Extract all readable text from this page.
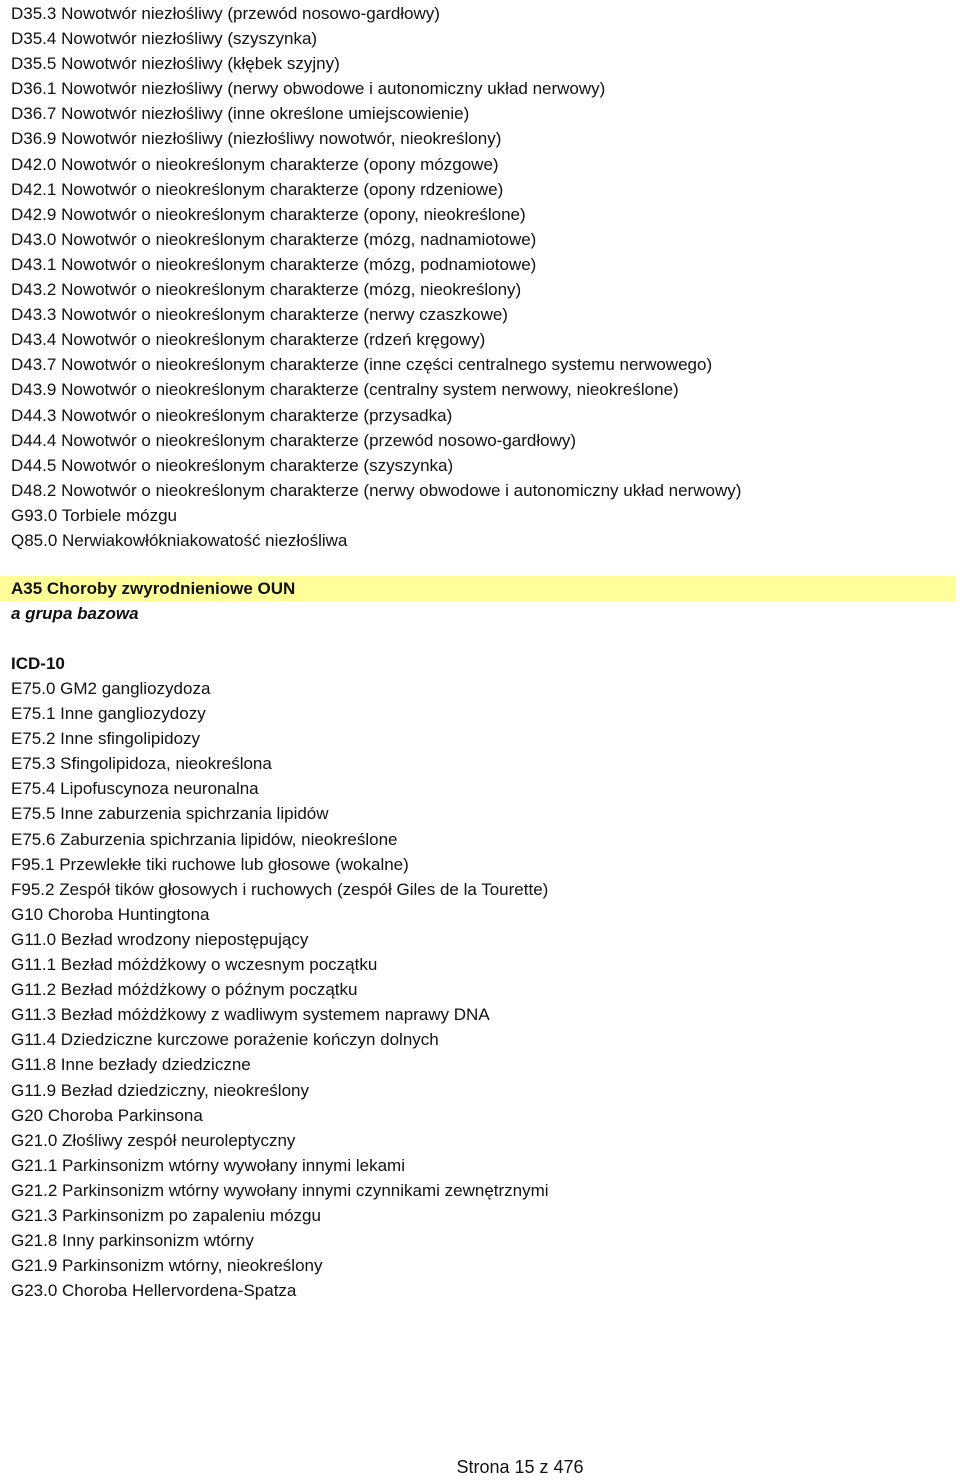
D35.3 Nowotwór niezłośliwy (przewód nosowo-gardłowy)
D35.4 Nowotwór niezłośliwy (szyszynka)
D35.5 Nowotwór niezłośliwy (kłębek szyjny)
D36.1 Nowotwór niezłośliwy (nerwy obwodowe i autonomiczny układ nerwowy)
D36.7 Nowotwór niezłośliwy (inne określone umiejscowienie)
D36.9 Nowotwór niezłośliwy (niezłośliwy nowotwór, nieokreślony)
D42.0 Nowotwór o nieokreślonym charakterze (opony mózgowe)
D42.1 Nowotwór o nieokreślonym charakterze (opony rdzeniowe)
D42.9 Nowotwór o nieokreślonym charakterze (opony, nieokreślone)
D43.0 Nowotwór o nieokreślonym charakterze (mózg, nadnamiotowe)
D43.1 Nowotwór o nieokreślonym charakterze (mózg, podnamiotowe)
D43.2 Nowotwór o nieokreślonym charakterze (mózg, nieokreślony)
D43.3 Nowotwór o nieokreślonym charakterze (nerwy czaszkowe)
D43.4 Nowotwór o nieokreślonym charakterze (rdzeń kręgowy)
D43.7 Nowotwór o nieokreślonym charakterze (inne części centralnego systemu nerwowego)
D43.9 Nowotwór o nieokreślonym charakterze (centralny system nerwowy, nieokreślone)
D44.3 Nowotwór o nieokreślonym charakterze (przysadka)
D44.4 Nowotwór o nieokreślonym charakterze (przewód nosowo-gardłowy)
D44.5 Nowotwór o nieokreślonym charakterze (szyszynka)
D48.2 Nowotwór o nieokreślonym charakterze (nerwy obwodowe i autonomiczny układ nerwowy)
G93.0 Torbiele mózgu
Q85.0 Nerwiakowłókniakowatość niezłośliwa
A35 Choroby zwyrodnieniowe OUN
a grupa bazowa
ICD-10
E75.0 GM2 gangliozydoza
E75.1 Inne gangliozydozy
E75.2 Inne sfingolipidozy
E75.3 Sfingolipidoza, nieokreślona
E75.4 Lipofuscynoza neuronalna
E75.5 Inne zaburzenia spichrzania lipidów
E75.6 Zaburzenia spichrzania lipidów, nieokreślone
F95.1 Przewlekłe tiki ruchowe lub głosowe (wokalne)
F95.2 Zespół tików głosowych i ruchowych (zespół Giles de la Tourette)
G10 Choroba Huntingtona
G11.0 Bezład wrodzony niepostępujący
G11.1 Bezład móżdżkowy o wczesnym początku
G11.2 Bezład móżdżkowy o późnym początku
G11.3 Bezład móżdżkowy z wadliwym systemem naprawy DNA
G11.4 Dziedziczne kurczowe porażenie kończyn dolnych
G11.8 Inne bezłady dziedziczne
G11.9 Bezład dziedziczny, nieokreślony
G20 Choroba Parkinsona
G21.0 Złośliwy zespół neuroleptyczny
G21.1 Parkinsonizm wtórny wywołany innymi lekami
G21.2 Parkinsonizm wtórny wywołany innymi czynnikami zewnętrznymi
G21.3 Parkinsonizm po zapaleniu mózgu
G21.8 Inny parkinsonizm wtórny
G21.9 Parkinsonizm wtórny, nieokreślony
G23.0 Choroba Hellervordena-Spatza
Strona 15 z 476
